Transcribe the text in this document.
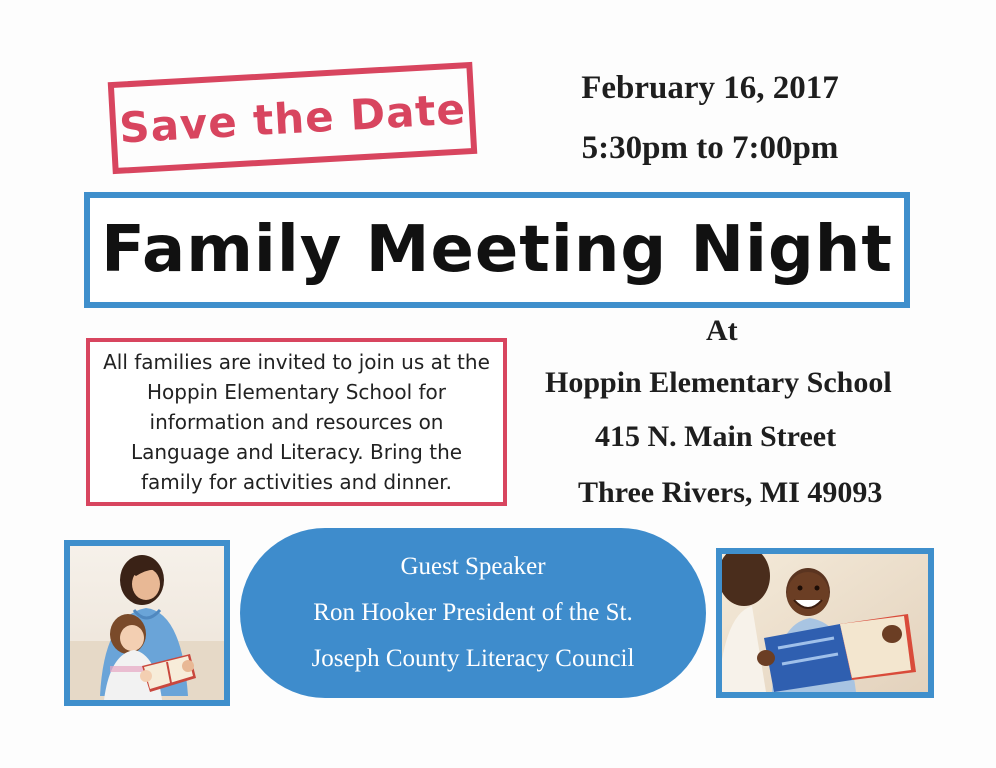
Save the Date	February 16, 2017
5:30pm to 7:00pm
Family Meeting Night
All families are invited to join us at the
Hoppin Elementary School for
information and resources on
Language and Literacy. Bring the
family for activities and dinner.
At
Hoppin Elementary School
415 N. Main Street
Three Rivers, MI 49093
Guest Speaker
Ron Hooker President of the St.
Joseph County Literacy Council
